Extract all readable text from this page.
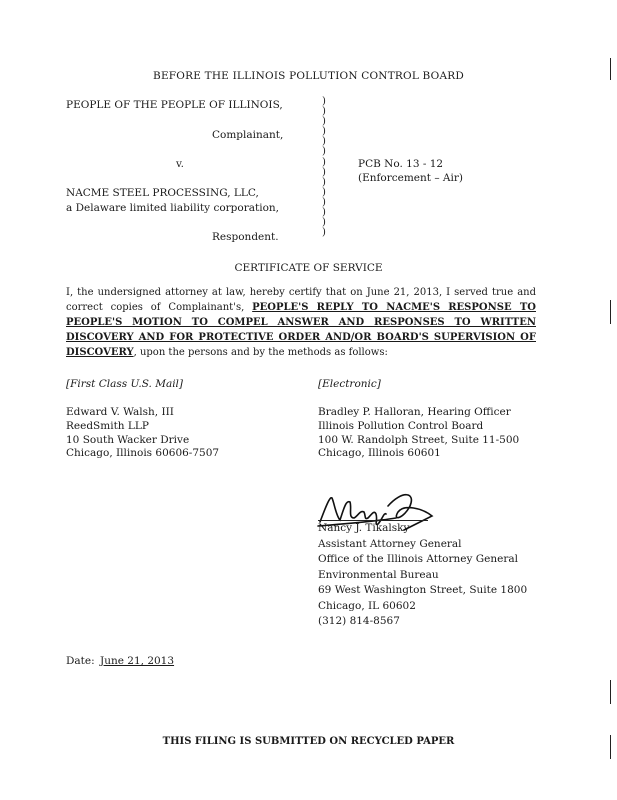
BEFORE THE ILLINOIS POLLUTION CONTROL BOARD
PEOPLE OF THE PEOPLE OF ILLINOIS,
Complainant,
v.
NACME STEEL PROCESSING, LLC,
a Delaware limited liability corporation,
Respondent.
)
)
)
)
)
)
)
)
)
)
)
)
)
)
PCB No. 13 - 12
(Enforcement – Air)
CERTIFICATE OF SERVICE

I, the undersigned attorney at law, hereby certify that on June 21, 2013, I served true and correct copies of Complainant's, PEOPLE'S REPLY TO NACME'S RESPONSE TO PEOPLE'S MOTION TO COMPEL ANSWER AND RESPONSES TO WRITTEN DISCOVERY AND FOR PROTECTIVE ORDER AND/OR BOARD'S SUPERVISION OF DISCOVERY, upon the persons and by the methods as follows:

[First Class U.S. Mail]	[Electronic]
Edward V. Walsh, III
ReedSmith LLP
10 South Wacker Drive
Chicago, Illinois 60606-7507
Bradley P. Halloran, Hearing Officer
Illinois Pollution Control Board
100 W. Randolph Street, Suite 11-500
Chicago, Illinois 60601
Nancy J. Tikalsky
Assistant Attorney General
Office of the Illinois Attorney General
Environmental Bureau
69 West Washington Street, Suite 1800
Chicago, IL 60602
(312) 814-8567
Date: June 21, 2013
THIS FILING IS SUBMITTED ON RECYCLED PAPER
